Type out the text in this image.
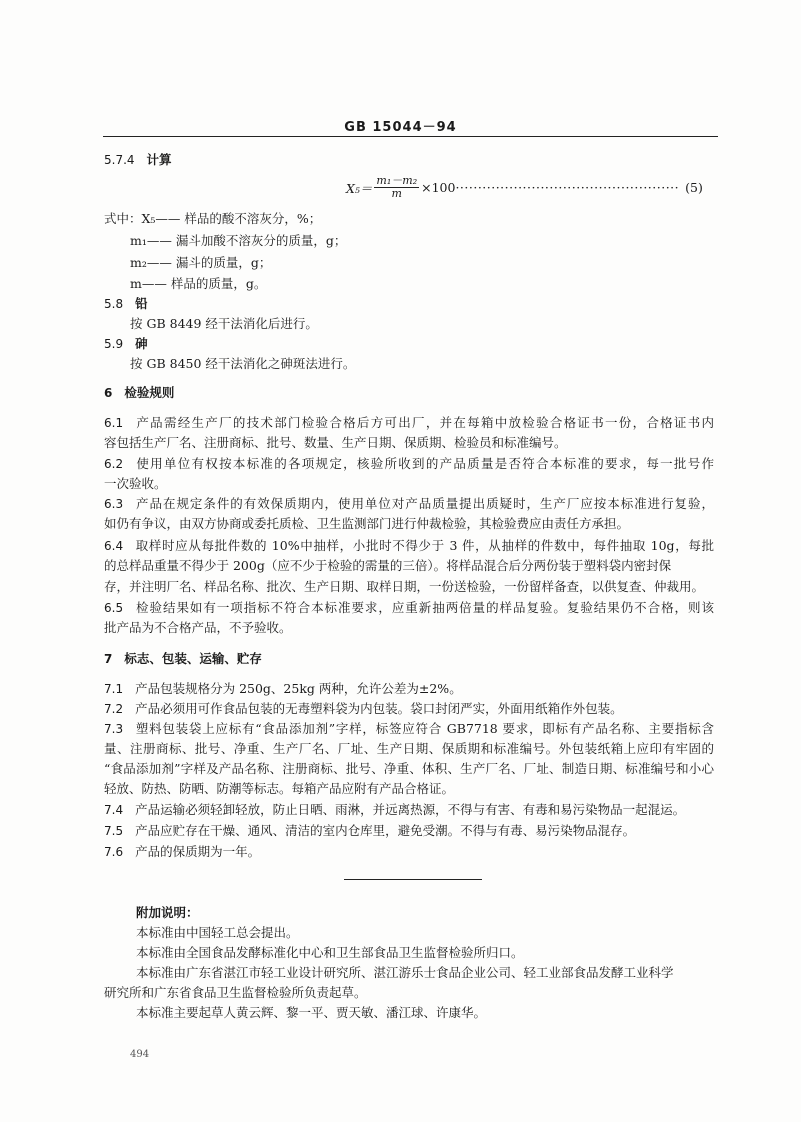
GB 15044－94
5.7.4 计算
$X_5= \frac{\text{m₁－m₂}}{m} \times 100$ ·················································· (5)
式中：X₅—— 样品的酸不溶灰分，%；
m₁—— 漏斗加酸不溶灰分的质量，g；
m₂—— 漏斗的质量，g；
m—— 样品的质量，g。
5.8 铅
按 GB 8449 经干法消化后进行。
5.9 砷
按 GB 8450 经干法消化之砷斑法进行。
6 检验规则
6.1 产品需经生产厂的技术部门检验合格后方可出厂，并在每箱中放检验合格证书一份，合格证书内
容包括生产厂名、注册商标、批号、数量、生产日期、保质期、检验员和标准编号。
6.2 使用单位有权按本标准的各项规定，核验所收到的产品质量是否符合本标准的要求，每一批号作
一次验收。
6.3 产品在规定条件的有效保质期内，使用单位对产品质量提出质疑时，生产厂应按本标准进行复验，
如仍有争议，由双方协商或委托质检、卫生监测部门进行仲裁检验，其检验费应由责任方承担。
6.4 取样时应从每批件数的 10%中抽样，小批时不得少于 3 件，从抽样的件数中，每件抽取 10g，每批
的总样品重量不得少于 200g（应不少于检验的需量的三倍）。将样品混合后分两份装于塑料袋内密封保
存，并注明厂名、样品名称、批次、生产日期、取样日期，一份送检验，一份留样备查，以供复查、仲裁用。
6.5 检验结果如有一项指标不符合本标准要求，应重新抽两倍量的样品复验。复验结果仍不合格，则该
批产品为不合格产品，不予验收。
7 标志、包装、运输、贮存
7.1 产品包装规格分为 250g、25kg 两种，允许公差为±2%。
7.2 产品必须用可作食品包装的无毒塑料袋为内包装。袋口封闭严实，外面用纸箱作外包装。
7.3 塑料包装袋上应标有“食品添加剂”字样，标签应符合 GB7718 要求，即标有产品名称、主要指标含
量、注册商标、批号、净重、生产厂名、厂址、生产日期、保质期和标准编号。外包装纸箱上应印有牢固的
“食品添加剂”字样及产品名称、注册商标、批号、净重、体积、生产厂名、厂址、制造日期、标准编号和小心
轻放、防热、防晒、防潮等标志。每箱产品应附有产品合格证。
7.4 产品运输必须轻卸轻放，防止日晒、雨淋，并远离热源，不得与有害、有毒和易污染物品一起混运。
7.5 产品应贮存在干燥、通风、清洁的室内仓库里，避免受潮。不得与有毒、易污染物品混存。
7.6 产品的保质期为一年。
附加说明：
本标准由中国轻工总会提出。
本标准由全国食品发酵标准化中心和卫生部食品卫生监督检验所归口。
本标准由广东省湛江市轻工业设计研究所、湛江游乐士食品企业公司、轻工业部食品发酵工业科学
研究所和广东省食品卫生监督检验所负责起草。
本标准主要起草人黄云辉、黎一平、贾天敏、潘江球、许康华。
494
